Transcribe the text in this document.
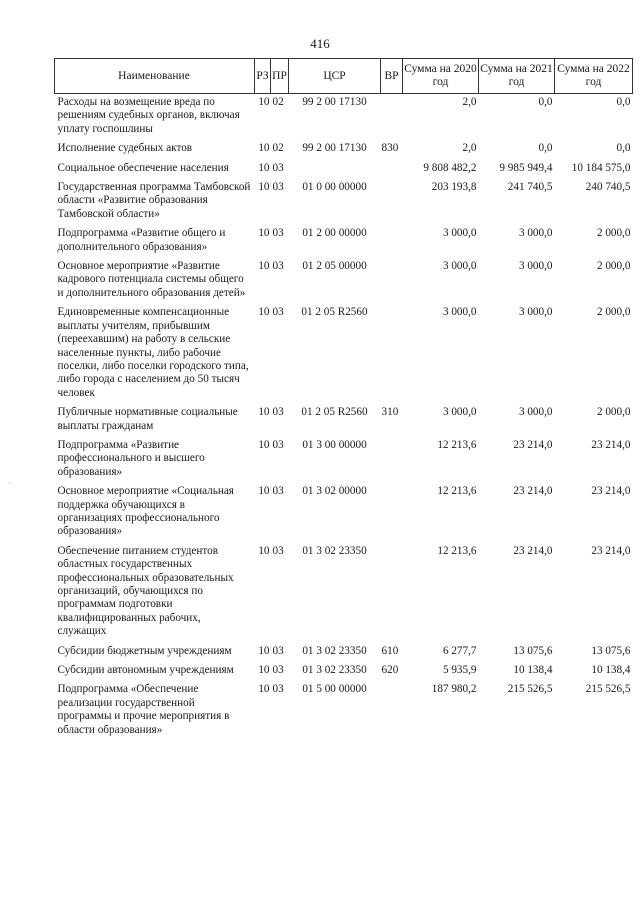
416
Наименование	РЗ	ПР	ЦСР	ВР	Сумма на 2020 год	Сумма на 2021 год	Сумма на 2022 год
Расходы на возмещение вреда по решениям судебных органов, включая уплату госпошлины	10	02	99 2 00 17130		2,0	0,0	0,0
Исполнение судебных актов	10	02	99 2 00 17130	830	2,0	0,0	0,0
Социальное обеспечение населения	10	03			9 808 482,2	9 985 949,4	10 184 575,0
Государственная программа Тамбовской области «Развитие образования Тамбовской области»	10	03	01 0 00 00000		203 193,8	241 740,5	240 740,5
Подпрограмма «Развитие общего и дополнительного образования»	10	03	01 2 00 00000		3 000,0	3 000,0	2 000,0
Основное мероприятие «Развитие кадрового потенциала системы общего и дополнительного образования детей»	10	03	01 2 05 00000		3 000,0	3 000,0	2 000,0
Единовременные компенсационные выплаты учителям, прибывшим (переехавшим) на работу в сельские населенные пункты, либо рабочие поселки, либо поселки городского типа, либо города с населением до 50 тысяч человек	10	03	01 2 05 R2560		3 000,0	3 000,0	2 000,0
Публичные нормативные социальные выплаты гражданам	10	03	01 2 05 R2560	310	3 000,0	3 000,0	2 000,0
Подпрограмма «Развитие профессионального и высшего образования»	10	03	01 3 00 00000		12 213,6	23 214,0	23 214,0
Основное мероприятие «Социальная поддержка обучающихся в организациях профессионального образования»	10	03	01 3 02 00000		12 213,6	23 214,0	23 214,0
Обеспечение питанием студентов областных государственных профессиональных образовательных организаций, обучающихся по программам подготовки квалифицированных рабочих, служащих	10	03	01 3 02 23350		12 213,6	23 214,0	23 214,0
Субсидии бюджетным учреждениям	10	03	01 3 02 23350	610	6 277,7	13 075,6	13 075,6
Субсидии автономным учреждениям	10	03	01 3 02 23350	620	5 935,9	10 138,4	10 138,4
Подпрограмма «Обеспечение реализации государственной программы и прочие мероприятия в области образования»	10	03	01 5 00 00000		187 980,2	215 526,5	215 526,5
·
